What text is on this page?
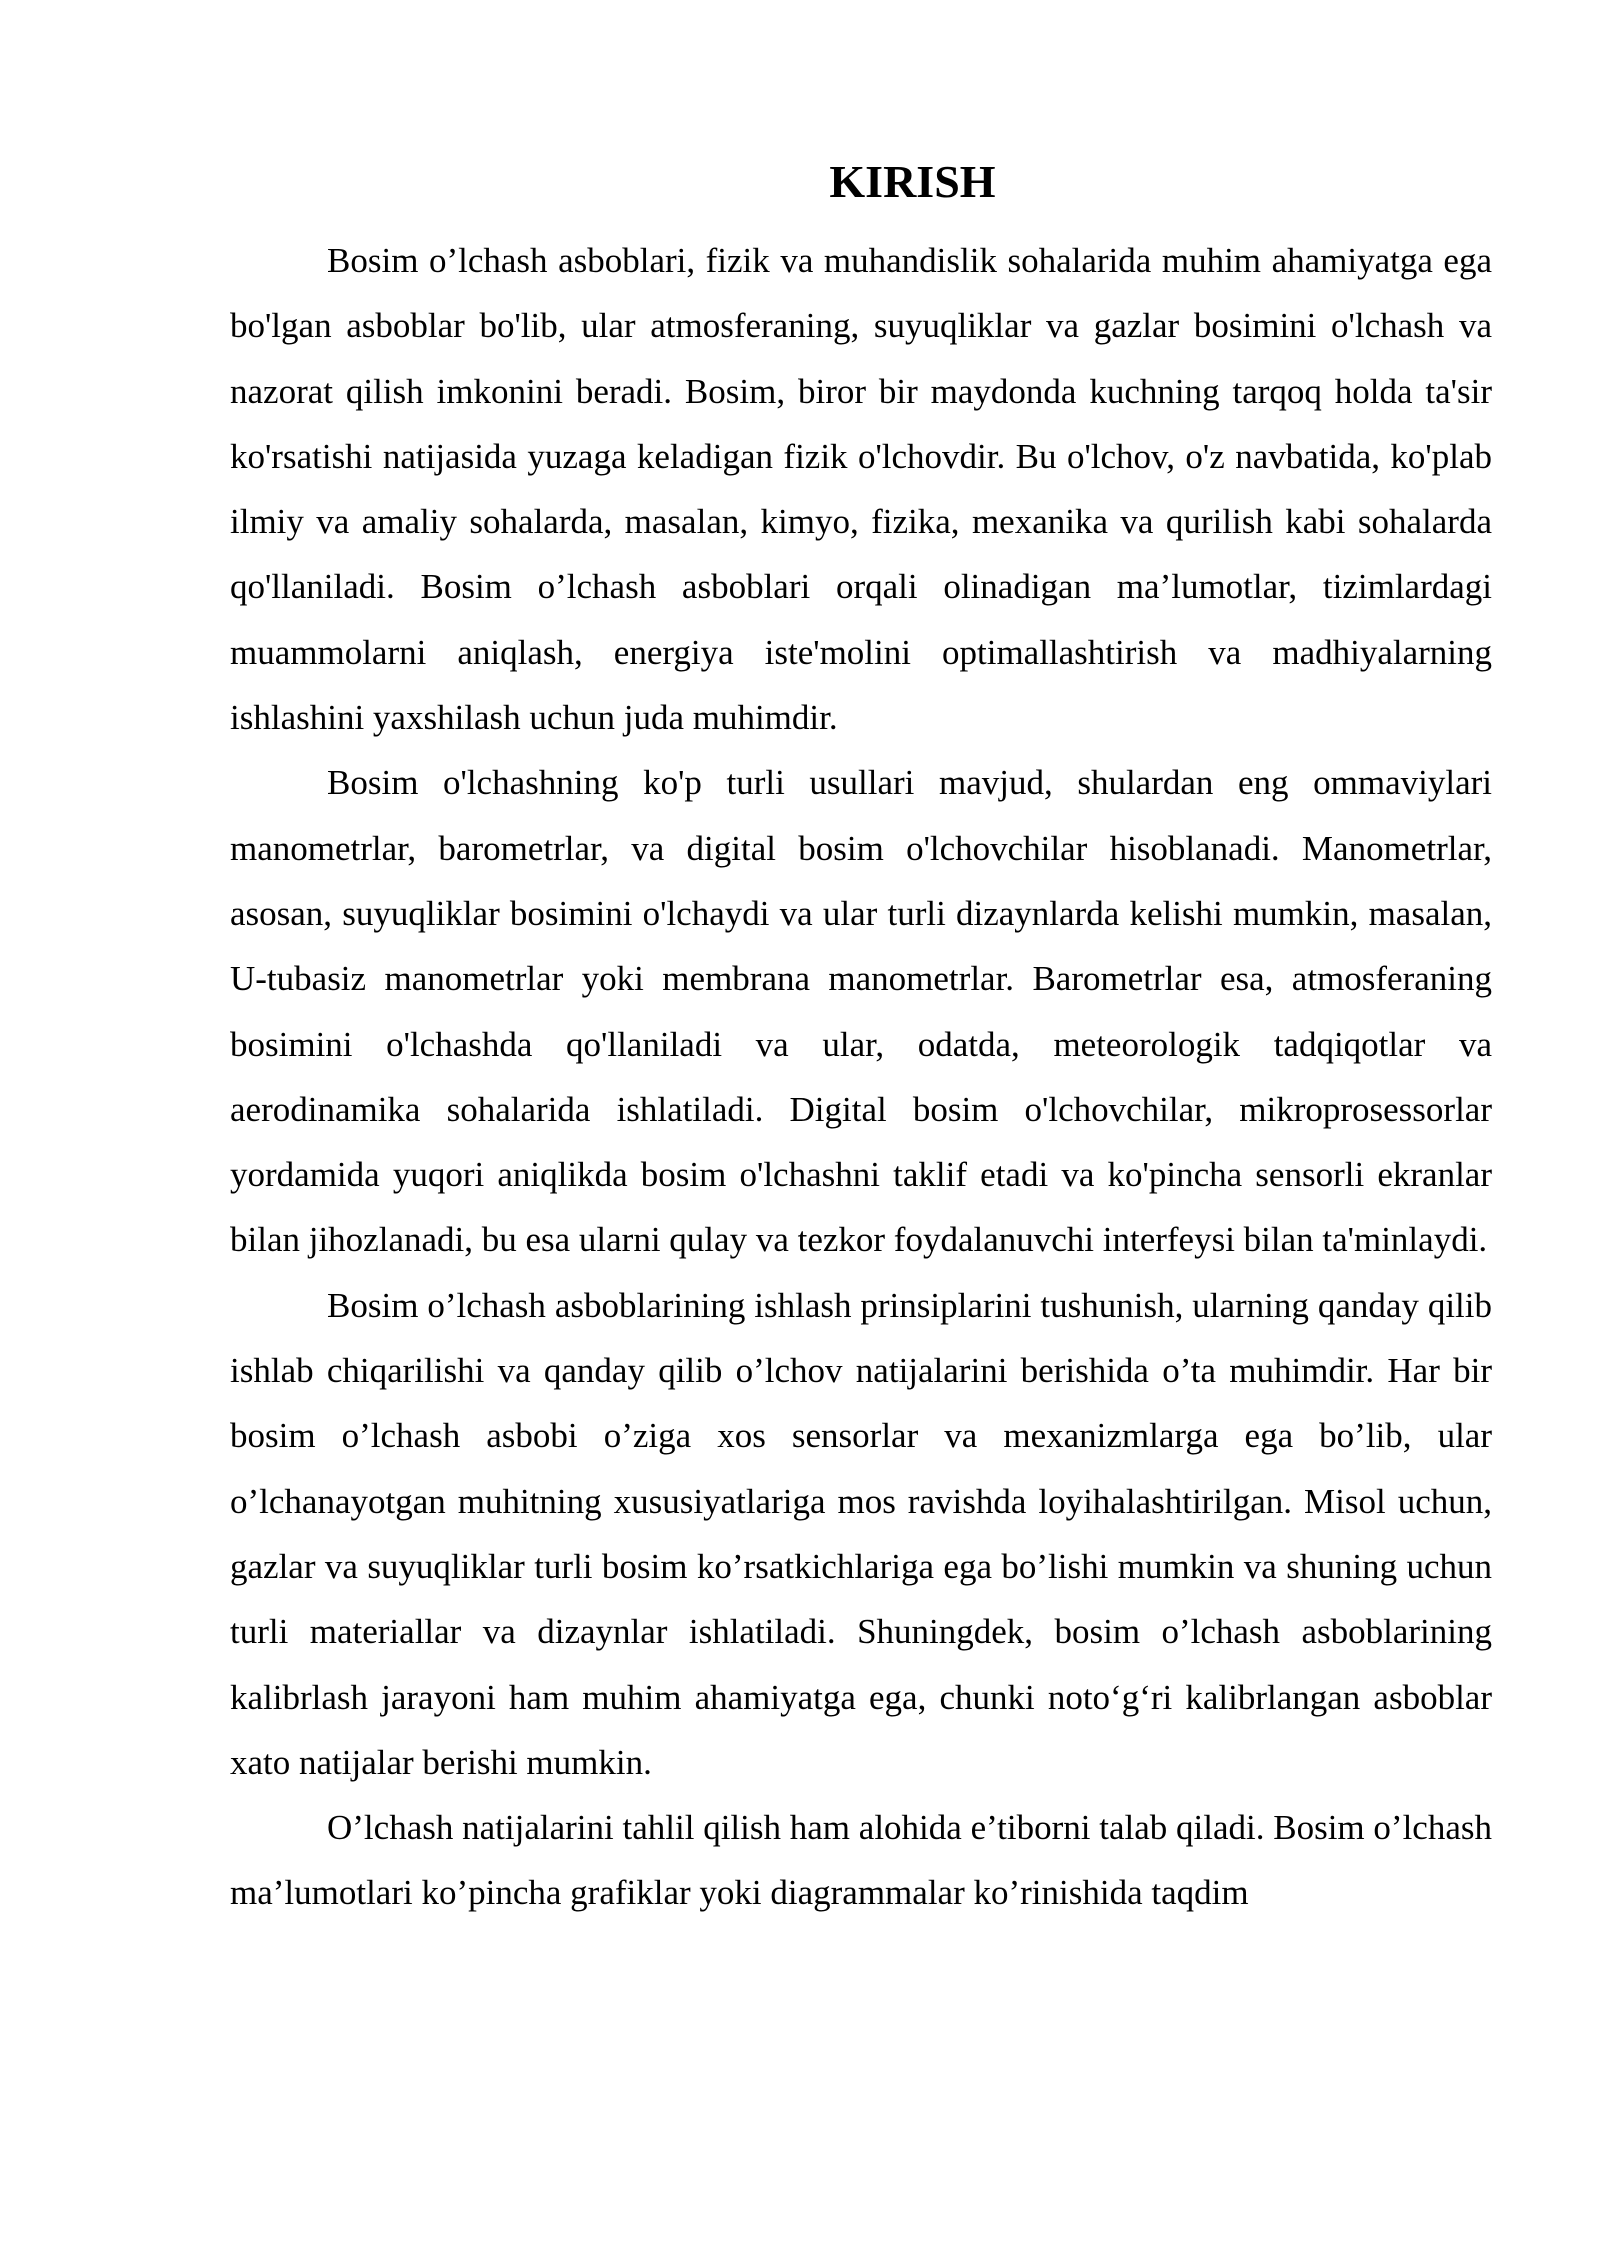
KIRISH

Bosim o’lchash asboblari, fizik va muhandislik sohalarida muhim ahamiyatga ega bo'lgan asboblar bo'lib, ular atmosferaning, suyuqliklar va gazlar bosimini o'lchash va nazorat qilish imkonini beradi. Bosim, biror bir maydonda kuchning tarqoq holda ta'sir ko'rsatishi natijasida yuzaga keladigan fizik o'lchovdir. Bu o'lchov, o'z navbatida, ko'plab ilmiy va amaliy sohalarda, masalan, kimyo, fizika, mexanika va qurilish kabi sohalarda qo'llaniladi. Bosim o’lchash asboblari orqali olinadigan ma’lumotlar, tizimlardagi muammolarni aniqlash, energiya iste'molini optimallashtirish va madhiyalarning ishlashini yaxshilash uchun juda muhimdir.

Bosim o'lchashning ko'p turli usullari mavjud, shulardan eng ommaviylari manometrlar, barometrlar, va digital bosim o'lchovchilar hisoblanadi. Manometrlar, asosan, suyuqliklar bosimini o'lchaydi va ular turli dizaynlarda kelishi mumkin, masalan, U-tubasiz manometrlar yoki membrana manometrlar. Barometrlar esa, atmosferaning bosimini o'lchashda qo'llaniladi va ular, odatda, meteorologik tadqiqotlar va aerodinamika sohalarida ishlatiladi. Digital bosim o'lchovchilar, mikroprosessorlar yordamida yuqori aniqlikda bosim o'lchashni taklif etadi va ko'pincha sensorli ekranlar bilan jihozlanadi, bu esa ularni qulay va tezkor foydalanuvchi interfeysi bilan ta'minlaydi.

Bosim o’lchash asboblarining ishlash prinsiplarini tushunish, ularning qanday qilib ishlab chiqarilishi va qanday qilib o’lchov natijalarini berishida o’ta muhimdir. Har bir bosim o’lchash asbobi o’ziga xos sensorlar va mexanizmlarga ega bo’lib, ular o’lchanayotgan muhitning xususiyatlariga mos ravishda loyihalashtirilgan. Misol uchun, gazlar va suyuqliklar turli bosim ko’rsatkichlariga ega bo’lishi mumkin va shuning uchun turli materiallar va dizaynlar ishlatiladi. Shuningdek, bosim o’lchash asboblarining kalibrlash jarayoni ham muhim ahamiyatga ega, chunki noto‘g‘ri kalibrlangan asboblar xato natijalar berishi mumkin.

O’lchash natijalarini tahlil qilish ham alohida e’tiborni talab qiladi. Bosim o’lchash ma’lumotlari ko’pincha grafiklar yoki diagrammalar ko’rinishida taqdim
